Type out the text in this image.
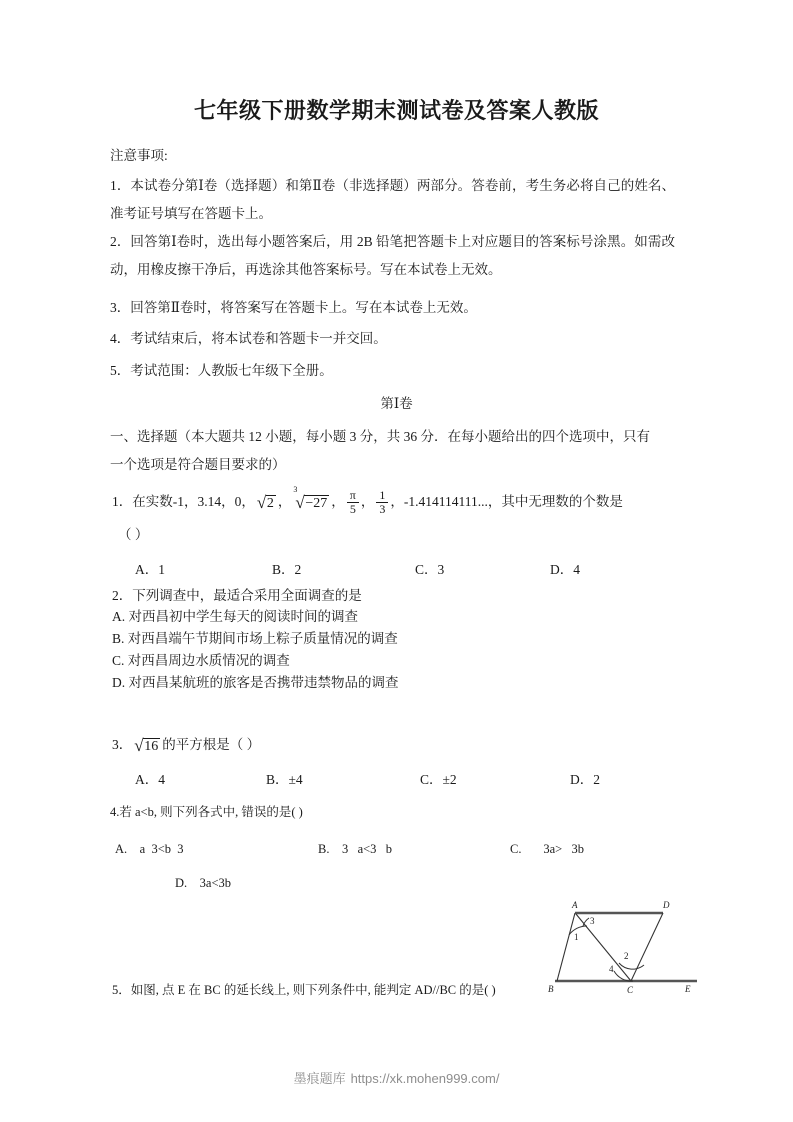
七年级下册数学期末测试卷及答案人教版
注意事项:
1．本试卷分第Ⅰ卷（选择题）和第Ⅱ卷（非选择题）两部分。答卷前，考生务必将自己的姓名、准考证号填写在答题卡上。
2．回答第Ⅰ卷时，选出每小题答案后，用 2B 铅笔把答题卡上对应题目的答案标号涂黑。如需改动，用橡皮擦干净后，再选涂其他答案标号。写在本试卷上无效。
3．回答第Ⅱ卷时，将答案写在答题卡上。写在本试卷上无效。
4．考试结束后，将本试卷和答题卡一并交回。
5．考试范围：人教版七年级下全册。
第Ⅰ卷
一、选择题（本大题共 12 小题，每小题 3 分，共 36 分．在每小题给出的四个选项中，只有
一个选项是符合题目要求的）
1．在实数-1，3.14，0， √ 2 ，
3
√ −27 ， $\frac{\pi}{5}$ ， $\frac{1}{3}$ ，-1.414114111...，其中无理数的个数是
（ ）
A．1	B．2	C．3	D．4
2．下列调查中，最适合采用全面调查的是
A. 对西昌初中学生每天的阅读时间的调查
B. 对西昌端午节期间市场上粽子质量情况的调查
C. 对西昌周边水质情况的调查
D. 对西昌某航班的旅客是否携带违禁物品的调查
3． √ 16 的平方根是（ ）
A．4	B．±4	C．±2	D．2
4.若 a<b, 则下列各式中, 错误的是( )
A.    a  3<b  3	B.    3   a<3   b	C.       3a>   3b
D.    3a<3b
5．如图, 点 E 在 BC 的延长线上, 则下列条件中, 能判定 AD//BC 的是( )
A	D
B	C	E
1
3
2
4
墨痕题库 https://xk.mohen999.com/
